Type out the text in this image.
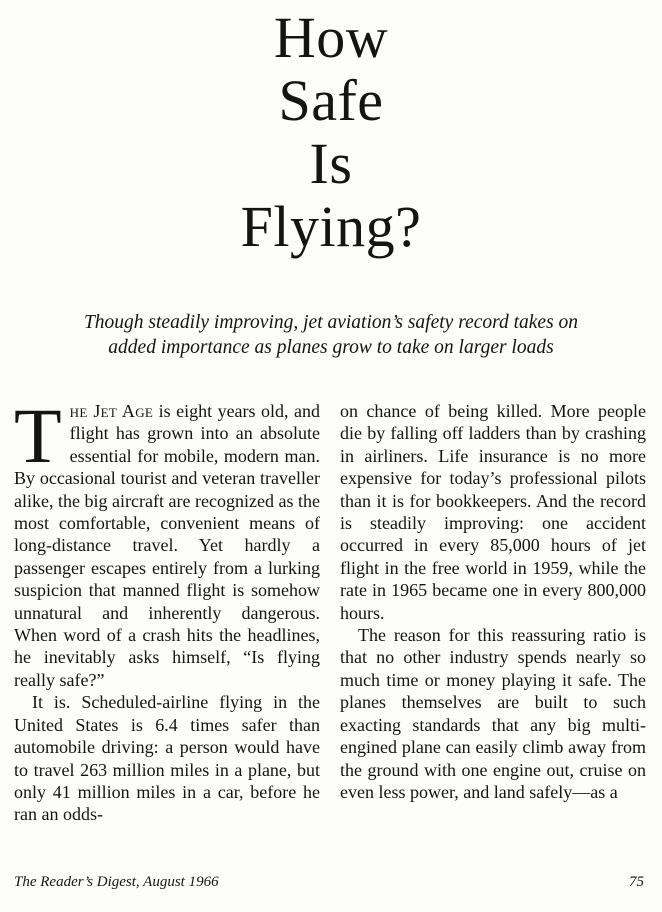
How
Safe
Is
Flying?

Though steadily improving, jet aviation’s safety record takes on
added importance as planes grow to take on larger loads

The Jet Age is eight years old, and flight has grown into an absolute essential for mobile, modern man. By occasional tourist and veteran traveller alike, the big aircraft are recognized as the most comfortable, convenient means of long-distance travel. Yet hardly a passenger escapes entirely from a lurking suspicion that manned flight is somehow unnatural and inherently dangerous. When word of a crash hits the headlines, he inevitably asks himself, “Is flying really safe?”

It is. Scheduled-airline flying in the United States is 6.4 times safer than automobile driving: a person would have to travel 263 million miles in a plane, but only 41 million miles in a car, before he ran an odds-

on chance of being killed. More people die by falling off ladders than by crashing in airliners. Life insurance is no more expensive for today’s professional pilots than it is for bookkeepers. And the record is steadily improving: one accident occurred in every 85,000 hours of jet flight in the free world in 1959, while the rate in 1965 became one in every 800,000 hours.

The reason for this reassuring ratio is that no other industry spends nearly so much time or money playing it safe. The planes themselves are built to such exacting standards that any big multi-engined plane can easily climb away from the ground with one engine out, cruise on even less power, and land safely—as a

The Reader’s Digest, August 1966	75
